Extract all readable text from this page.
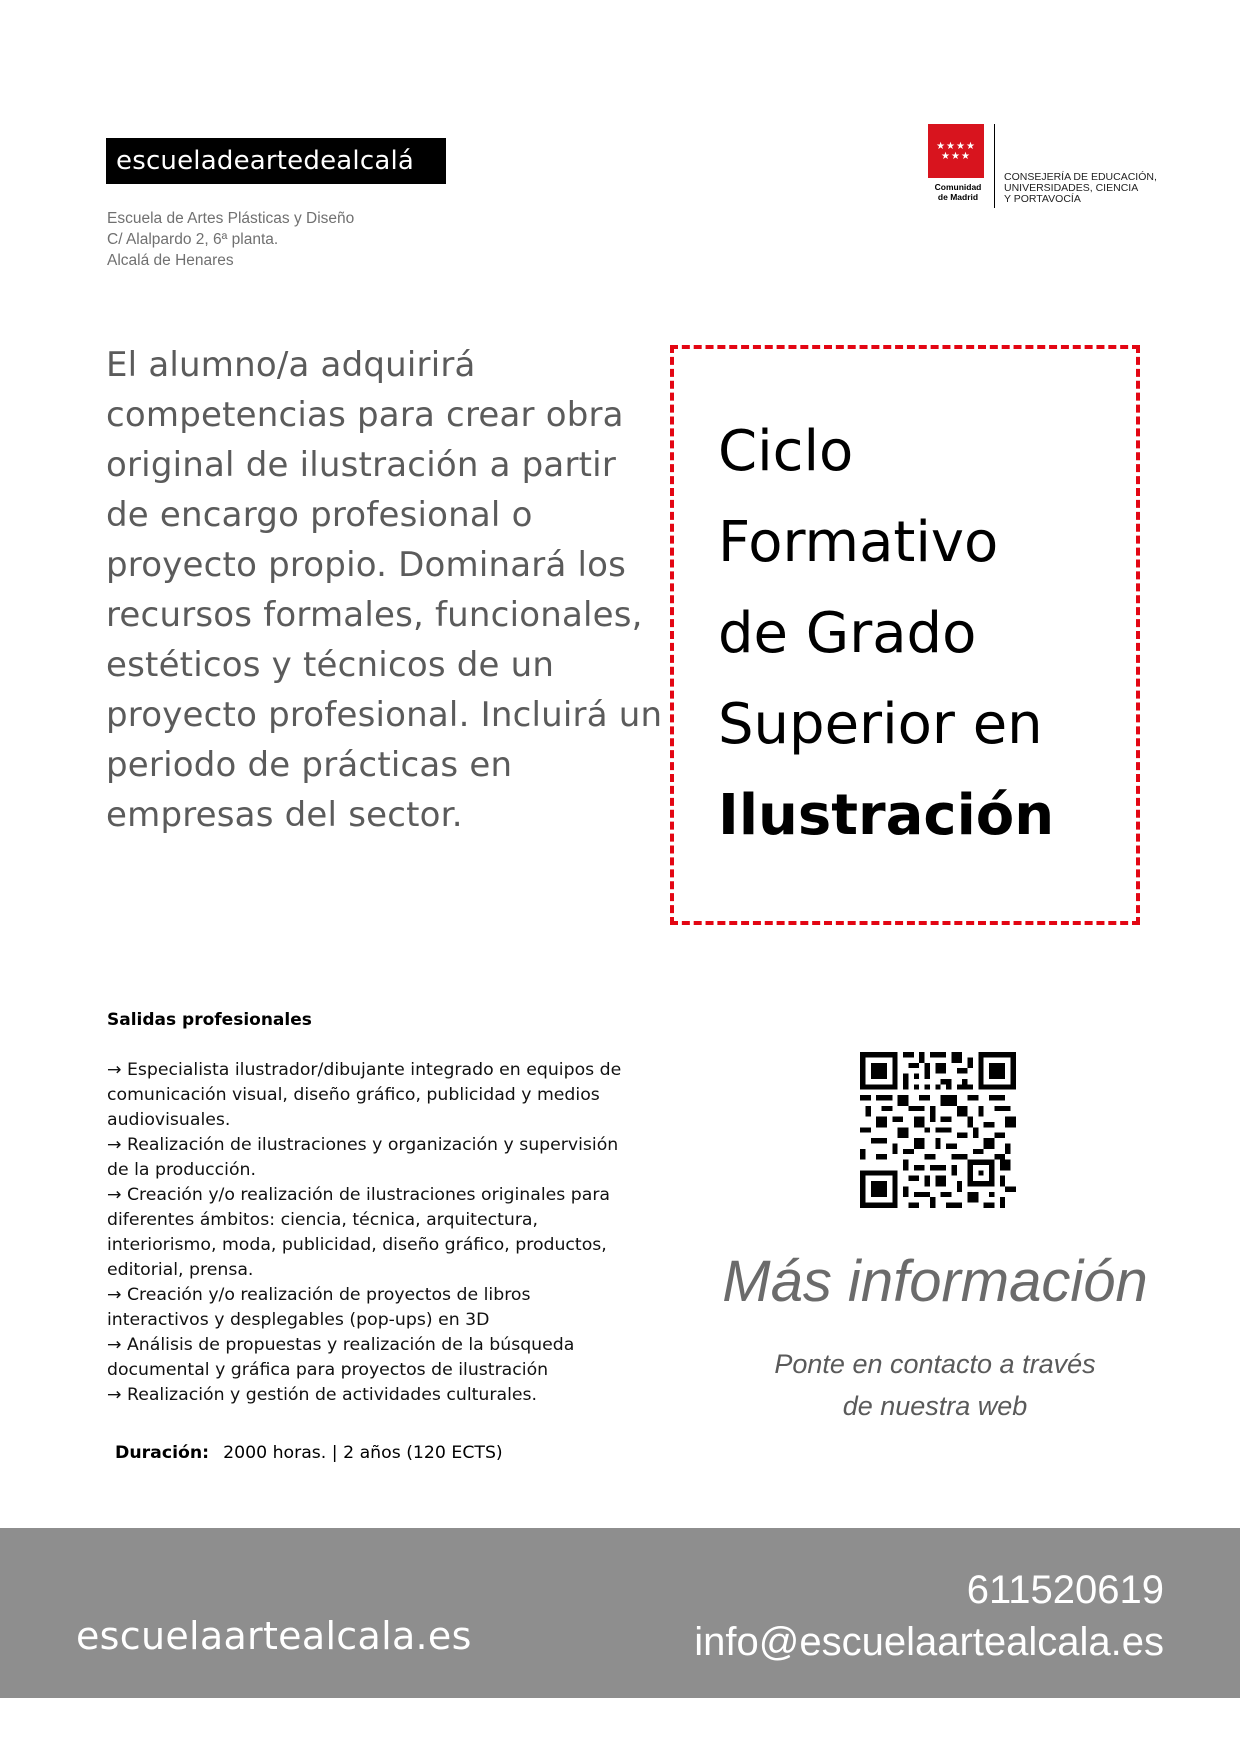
escueladeartedealcalá
Escuela de Artes Plásticas y Diseño
C/ Alalpardo 2, 6ª planta.
Alcalá de Henares
★★★★ ★★★
Comunidad
de Madrid
CONSEJERÍA DE EDUCACIÓN,
UNIVERSIDADES, CIENCIA
Y PORTAVOCÍA
El alumno/a adquirirá competencias para crear obra original de ilustración a partir de encargo profesional o proyecto propio. Dominará los recursos formales, funcionales, estéticos y técnicos de un proyecto profesional. Incluirá un periodo de prácticas en empresas del sector.
Ciclo
Formativo
de Grado
Superior en
Ilustración
Salidas profesionales
→ Especialista ilustrador/dibujante integrado en equipos de comunicación visual, diseño gráfico, publicidad y medios audiovisuales.
→ Realización de ilustraciones y organización y supervisión de la producción.
→ Creación y/o realización de ilustraciones originales para diferentes ámbitos: ciencia, técnica, arquitectura, interiorismo, moda, publicidad, diseño gráfico, productos, editorial, prensa.
→ Creación y/o realización de proyectos de libros interactivos y desplegables (pop-ups) en 3D
→ Análisis de propuestas y realización de la búsqueda documental y gráfica para proyectos de ilustración
→ Realización y gestión de actividades culturales.
Duración: 2000 horas. | 2 años (120 ECTS)
Más información
Ponte en contacto a través
de nuestra web
escuelaartealcala.es
611520619
info@escuelaartealcala.es
